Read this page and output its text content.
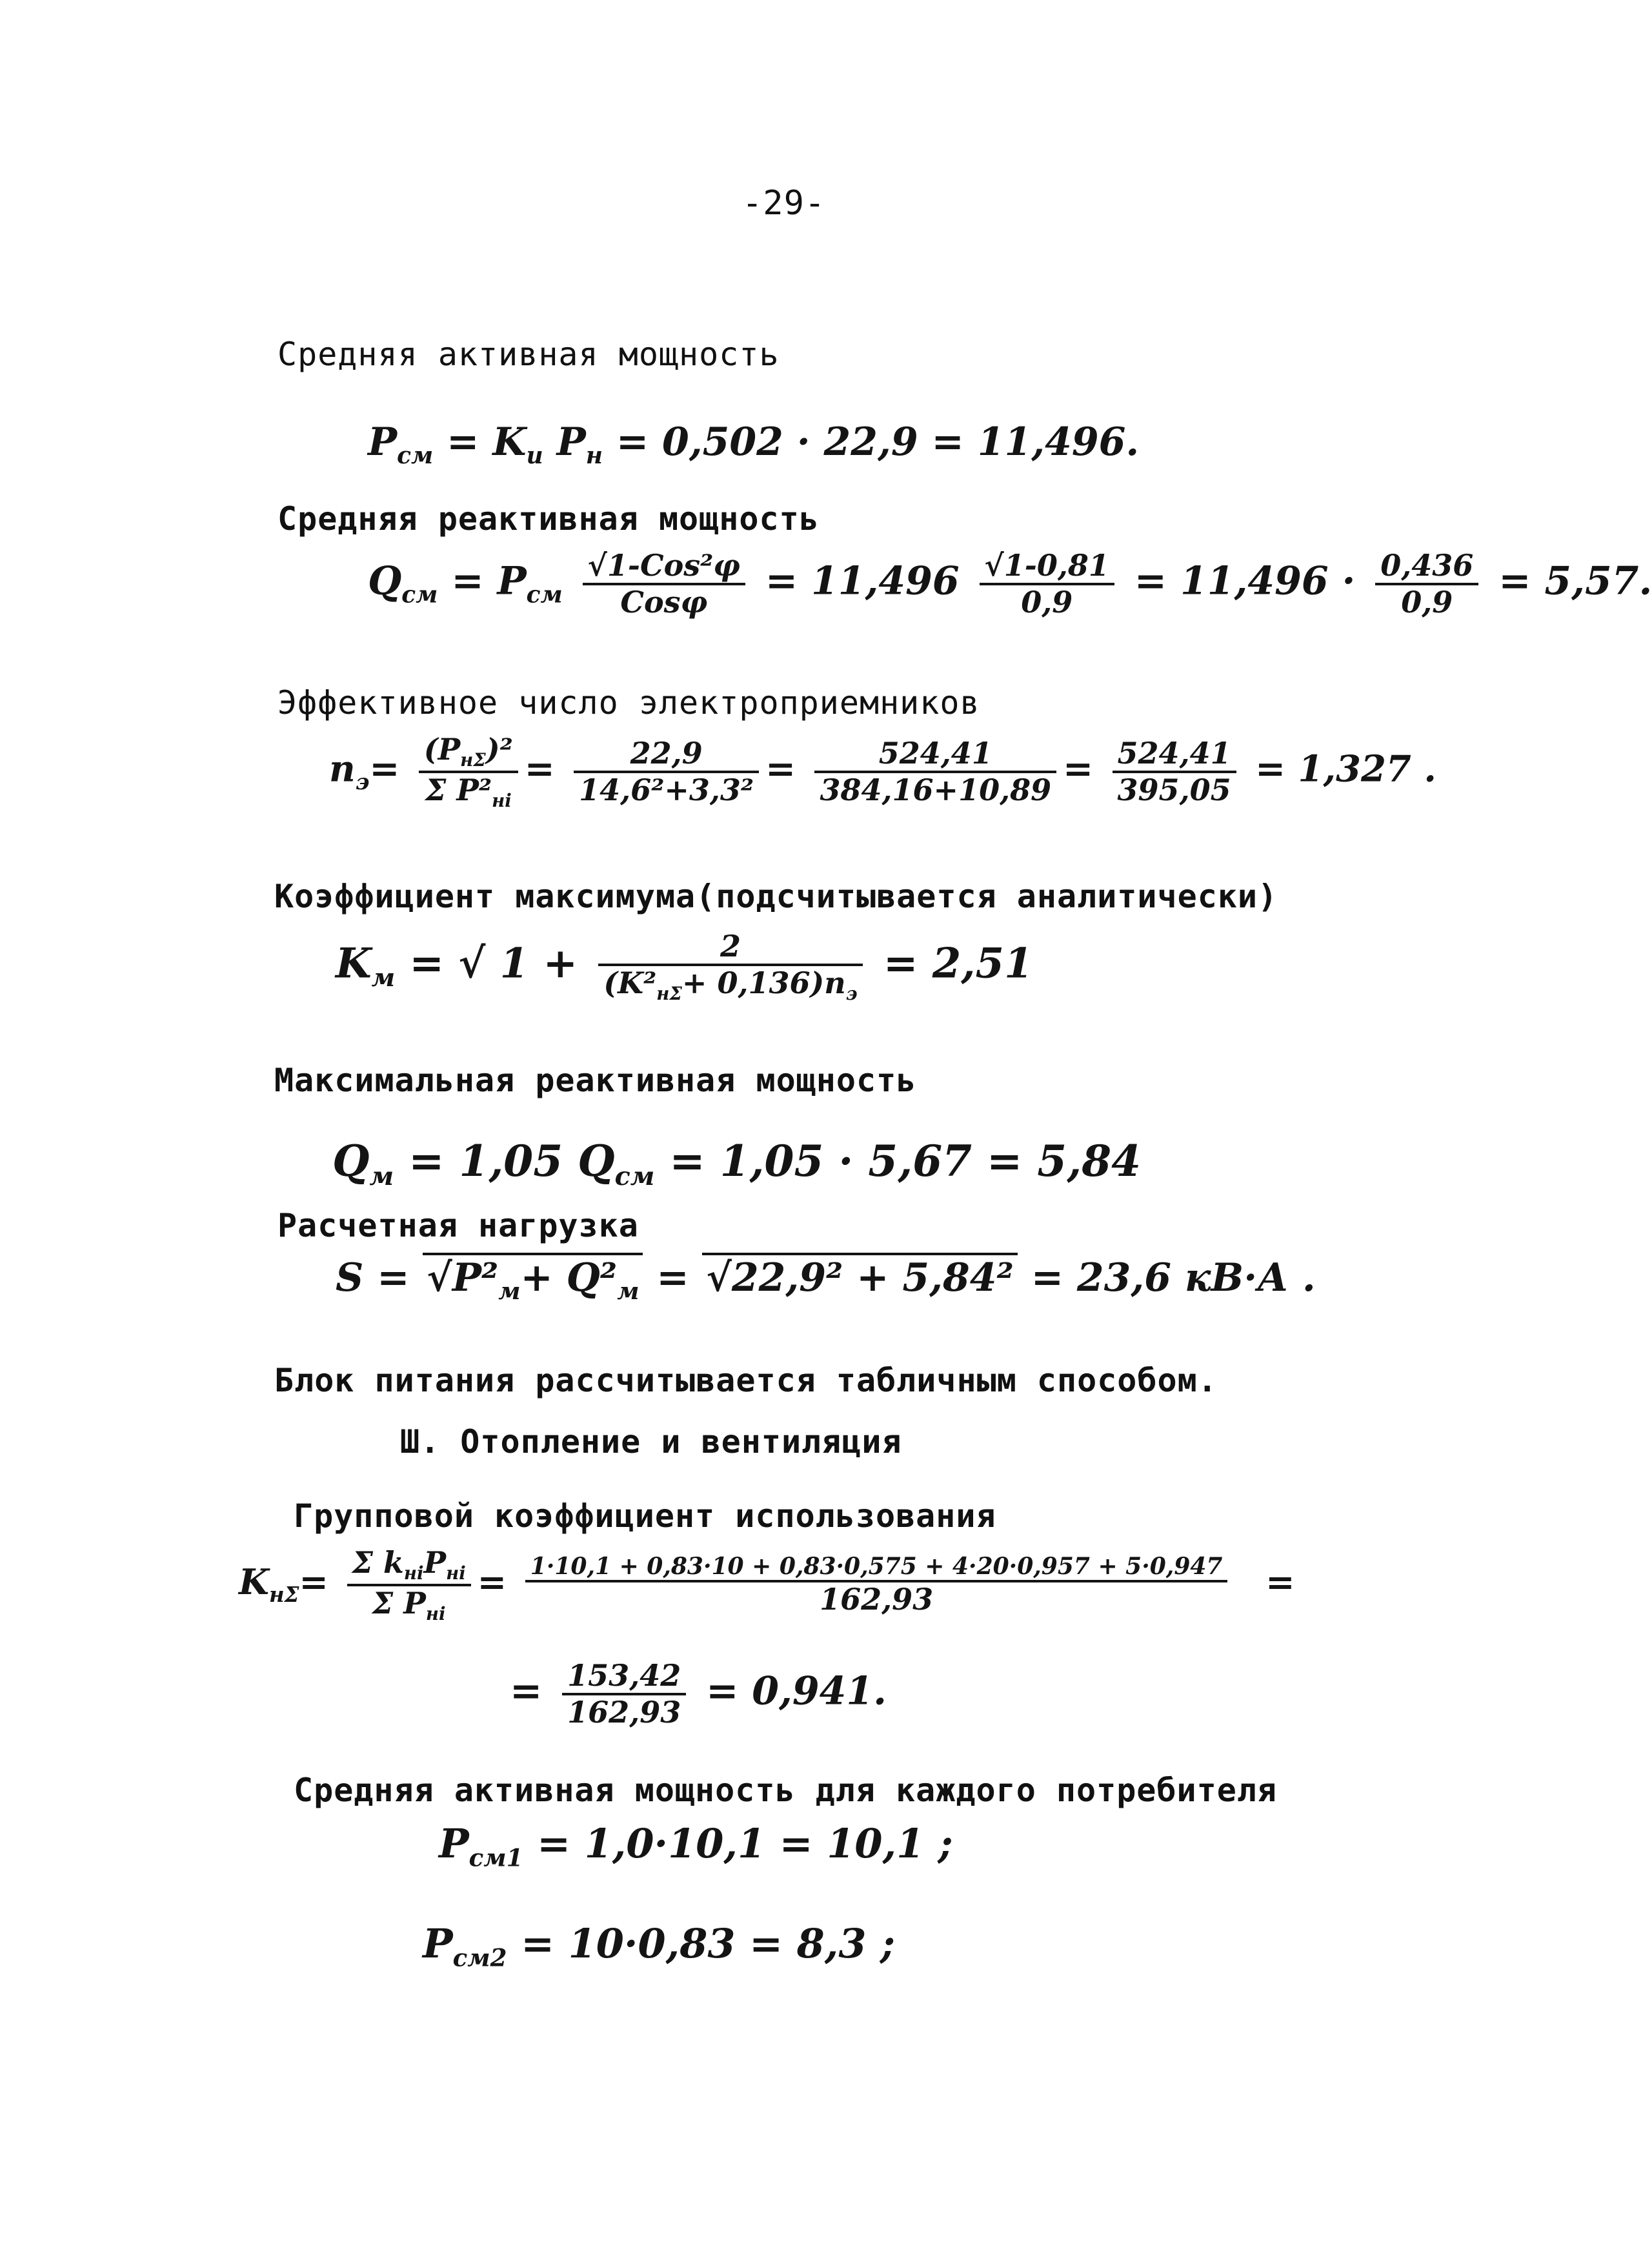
-29-
Средняя активная мощность
$P_{см} = K_и$ $P_н = 0,502 \cdot 22,9 = 11,496$.
Средняя реактивная мощность
$Q_{см} = P_{см}$
√1-Cos²φ
Cosφ	= $11,496 \frac{√1-0,81}{0,9} = 11,496 \cdot \frac{0,436}{0,9} = 5,57$.
Эффективное число электроприемников
$n_э= (P_{н\Sigma})^2$
Σ $P^2_{нi}$
= $\frac{22,9}{\text{14,6²+3,3²}} = \frac{524,41}{384,16+10,89} = \frac{524,41}{395,05} = 1,327$ .
Коэффициент максимума(подсчитывается аналитически)
$K_м$ = √ 1 +	2
$(K^2_{н\Sigma}+ 0,136)n_э$
= 2,51
Максимальная реактивная мощность
$Q_м = 1,05$ $Q_{см} = 1,05 \cdot 5,67 = 5,84$
Расчетная нагрузка
$S = √P^2_м+ Q^2_м = √22,9^2 + 5,84^2 = 23,6$ кВ·А .
Блок питания рассчитывается табличным способом.
Ш. Отопление и вентиляция
Групповой коэффициент использования
$K_{н\Sigma}= \Sigma$ $k_{нi}P_{нi}$
Σ $P_{нi}$
= 1·10,1 + 0,83·10 + 0,83·0,575 + 4·20·0,957 + 5·0,947
162,93	=
= $\frac{153,42}{162,93} = 0,941$.
Средняя активная мощность для каждого потребителя
$P_{см1} = 1,0\cdot 10,1 = 10,1$ ;
$P_{см2} = 10\cdot 0,83 = 8,3$ ;
